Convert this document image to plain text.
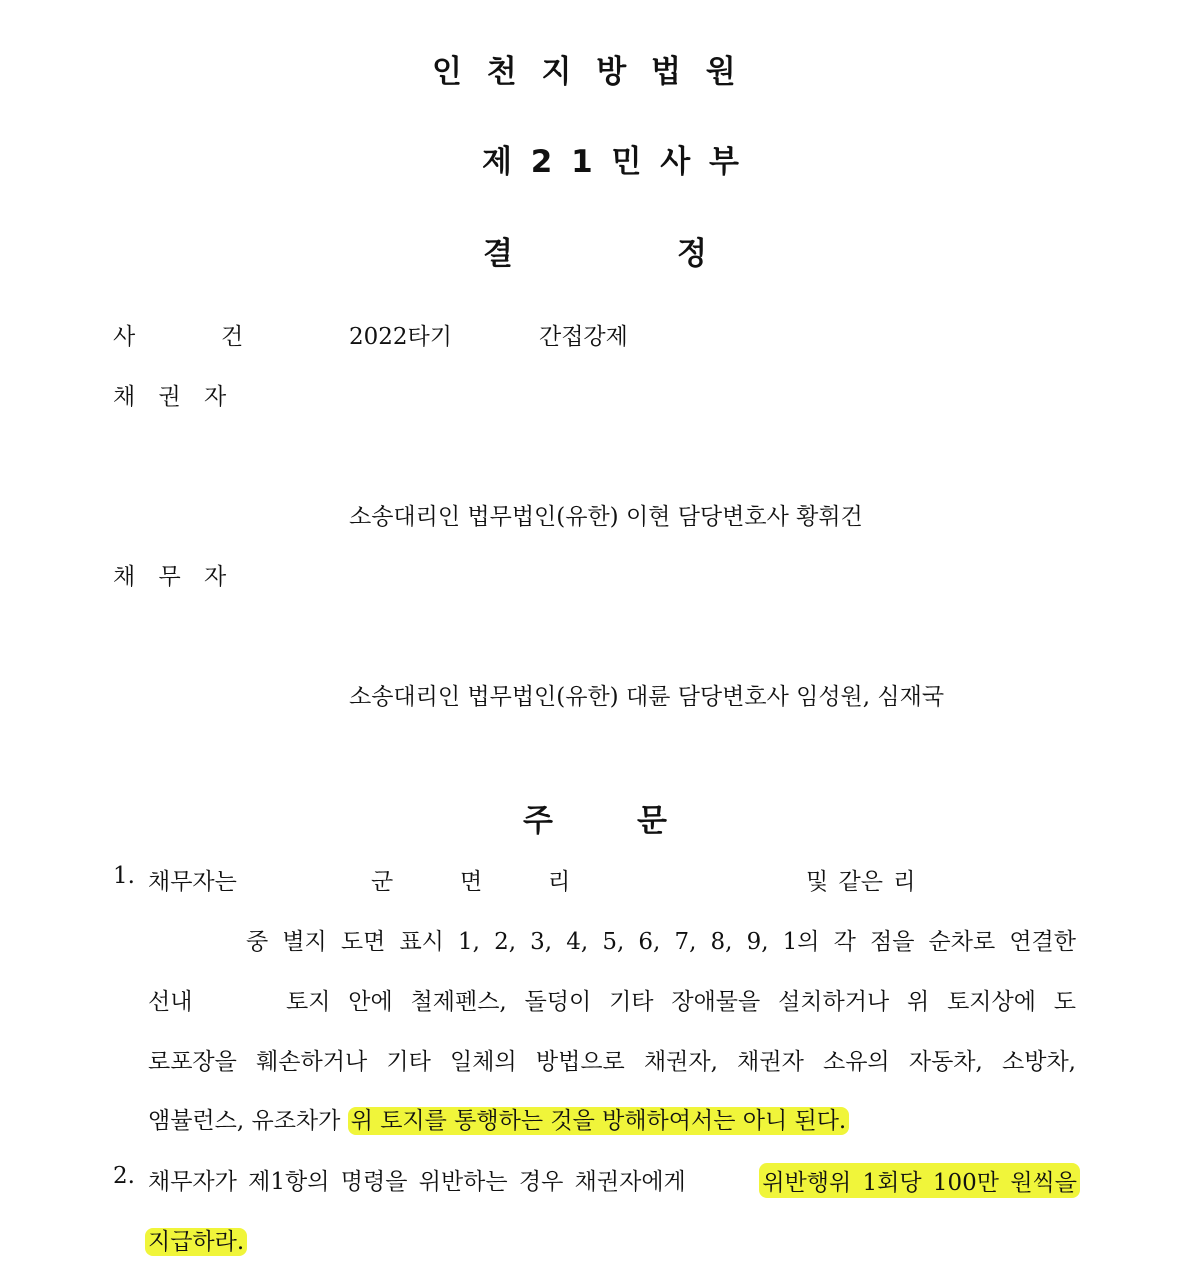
인 천 지 방 법 원
제 2 1 민 사 부
결	정
사	건	2022타기	간접강제
채 권 자
소송대리인 법무법인(유한) 이현 담당변호사 황휘건
채 무 자
소송대리인 법무법인(유한) 대륜 담당변호사 임성원, 심재국
주	문
1. 채무자는	군	면	리	및 같은 리
중 별지 도면 표시 1, 2, 3, 4, 5, 6, 7, 8, 9, 1의 각 점을 순차로 연결한
선내	토지 안에 철제펜스, 돌덩이 기타 장애물을 설치하거나 위 토지상에 도
로포장을 훼손하거나 기타 일체의 방법으로 채권자, 채권자 소유의 자동차, 소방차,
앰뷸런스, 유조차가 위 토지를 통행하는 것을 방해하여서는 아니 된다.
2. 채무자가 제1항의 명령을 위반하는 경우 채권자에게	위반행위 1회당 100만 원씩을
지급하라.
